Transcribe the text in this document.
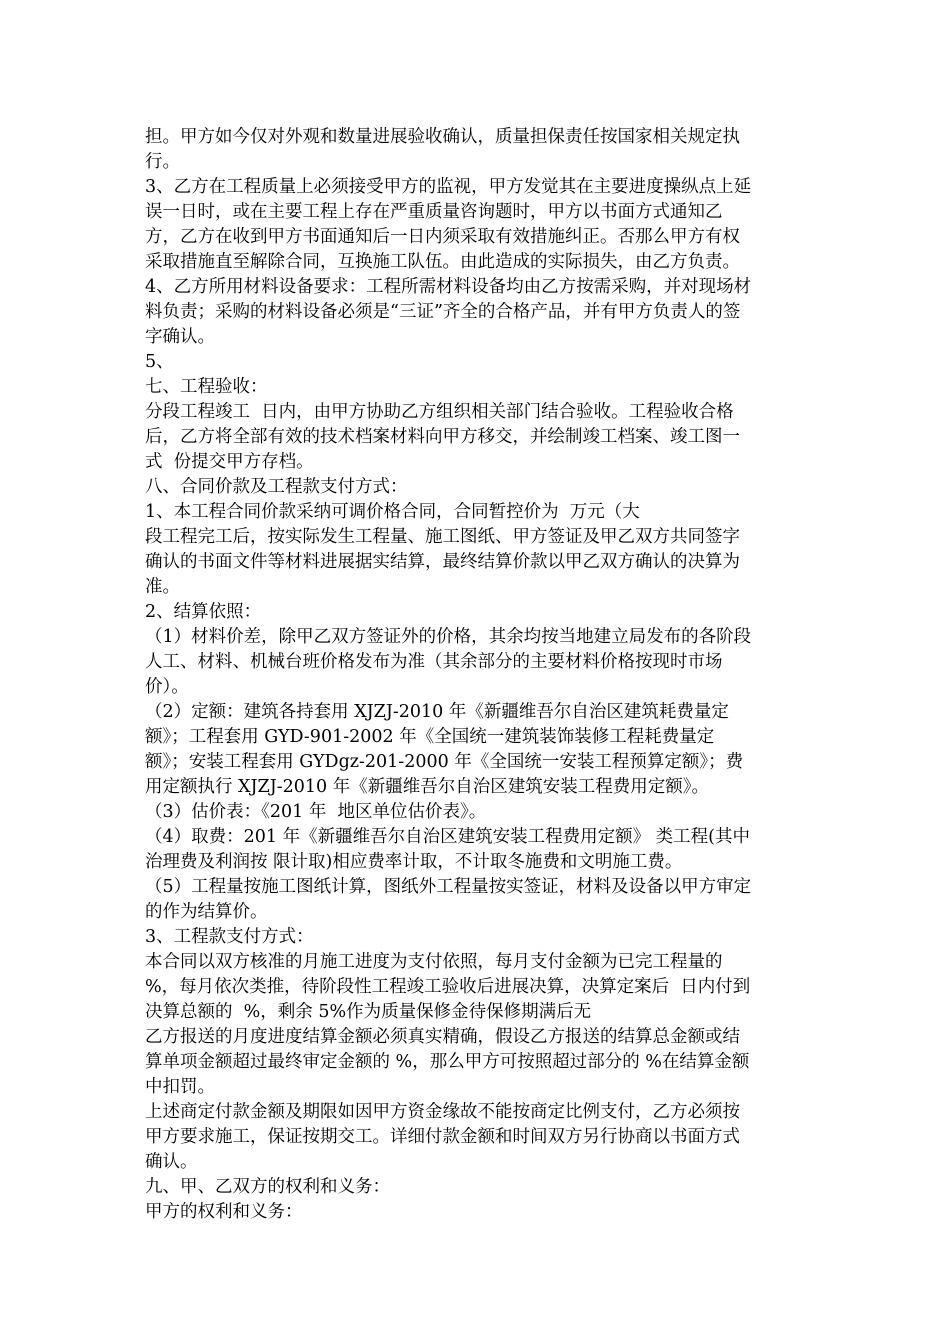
担。甲方如今仅对外观和数量进展验收确认，质量担保责任按国家相关规定执
行。
3、乙方在工程质量上必须接受甲方的监视，甲方发觉其在主要进度操纵点上延
误一日时，或在主要工程上存在严重质量咨询题时，甲方以书面方式通知乙
方，乙方在收到甲方书面通知后一日内须采取有效措施纠正。否那么甲方有权
采取措施直至解除合同，互换施工队伍。由此造成的实际损失，由乙方负责。
4、乙方所用材料设备要求：工程所需材料设备均由乙方按需采购，并对现场材
料负责；采购的材料设备必须是“三证”齐全的合格产品，并有甲方负责人的签
字确认。
5、
七、工程验收：
分段工程竣工  日内，由甲方协助乙方组织相关部门结合验收。工程验收合格
后，乙方将全部有效的技术档案材料向甲方移交，并绘制竣工档案、竣工图一
式  份提交甲方存档。
八、合同价款及工程款支付方式：
1、本工程合同价款采纳可调价格合同，合同暂控价为  万元（大
段工程完工后，按实际发生工程量、施工图纸、甲方签证及甲乙双方共同签字
确认的书面文件等材料进展据实结算，最终结算价款以甲乙双方确认的决算为
准。
2、结算依照：
（1）材料价差，除甲乙双方签证外的价格，其余均按当地建立局发布的各阶段
人工、材料、机械台班价格发布为准（其余部分的主要材料价格按现时市场
价）。
（2）定额：建筑各持套用 XJZJ-2010 年《新疆维吾尔自治区建筑耗费量定
额》；工程套用 GYD-901-2002 年《全国统一建筑装饰装修工程耗费量定
额》；安装工程套用 GYDgz-201-2000 年《全国统一安装工程预算定额》；费
用定额执行 XJZJ-2010 年《新疆维吾尔自治区建筑安装工程费用定额》。
（3）估价表：《201 年  地区单位估价表》。
（4）取费：201 年《新疆维吾尔自治区建筑安装工程费用定额》 类工程(其中
治理费及利润按 限计取)相应费率计取，不计取冬施费和文明施工费。
（5）工程量按施工图纸计算，图纸外工程量按实签证，材料及设备以甲方审定
的作为结算价。
3、工程款支付方式：
本合同以双方核准的月施工进度为支付依照，每月支付金额为已完工程量的
%，每月依次类推，待阶段性工程竣工验收后进展决算，决算定案后  日内付到
决算总额的  %，剩余 5%作为质量保修金待保修期满后无
乙方报送的月度进度结算金额必须真实精确，假设乙方报送的结算总金额或结
算单项金额超过最终审定金额的 %，那么甲方可按照超过部分的 %在结算金额
中扣罚。
上述商定付款金额及期限如因甲方资金缘故不能按商定比例支付，乙方必须按
甲方要求施工，保证按期交工。详细付款金额和时间双方另行协商以书面方式
确认。
九、甲、乙双方的权利和义务：
甲方的权利和义务：
